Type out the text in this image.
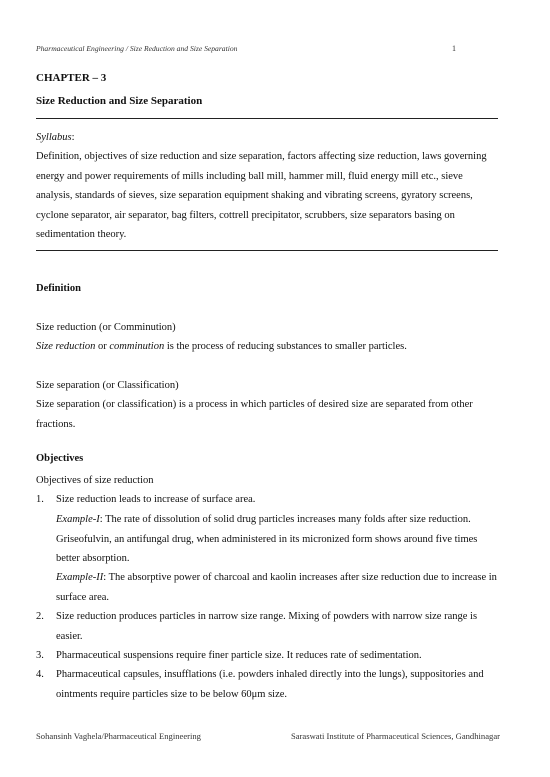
Pharmaceutical Engineering / Size Reduction and Size Separation	1
CHAPTER – 3
Size Reduction and Size Separation
Syllabus:
Definition, objectives of size reduction and size separation, factors affecting size reduction, laws governing energy and power requirements of mills including ball mill, hammer mill, fluid energy mill etc., sieve analysis, standards of sieves, size separation equipment shaking and vibrating screens, gyratory screens, cyclone separator, air separator, bag filters, cottrell precipitator, scrubbers, size separators basing on sedimentation theory.
Definition
Size reduction (or Comminution)
Size reduction or comminution is the process of reducing substances to smaller particles.
Size separation (or Classification)
Size separation (or classification) is a process in which particles of desired size are separated from other fractions.
Objectives
Objectives of size reduction
1.	Size reduction leads to increase of surface area.
Example-I: The rate of dissolution of solid drug particles increases many folds after size reduction. Griseofulvin, an antifungal drug, when administered in its micronized form shows around five times better absorption.
Example-II: The absorptive power of charcoal and kaolin increases after size reduction due to increase in surface area.
2.	Size reduction produces particles in narrow size range. Mixing of powders with narrow size range is easier.
3.	Pharmaceutical suspensions require finer particle size. It reduces rate of sedimentation.
4.	Pharmaceutical capsules, insufflations (i.e. powders inhaled directly into the lungs), suppositories and ointments require particles size to be below 60μm size.
Sohansinh Vaghela/Pharmaceutical Engineering	Saraswati Institute of Pharmaceutical Sciences, Gandhinagar
